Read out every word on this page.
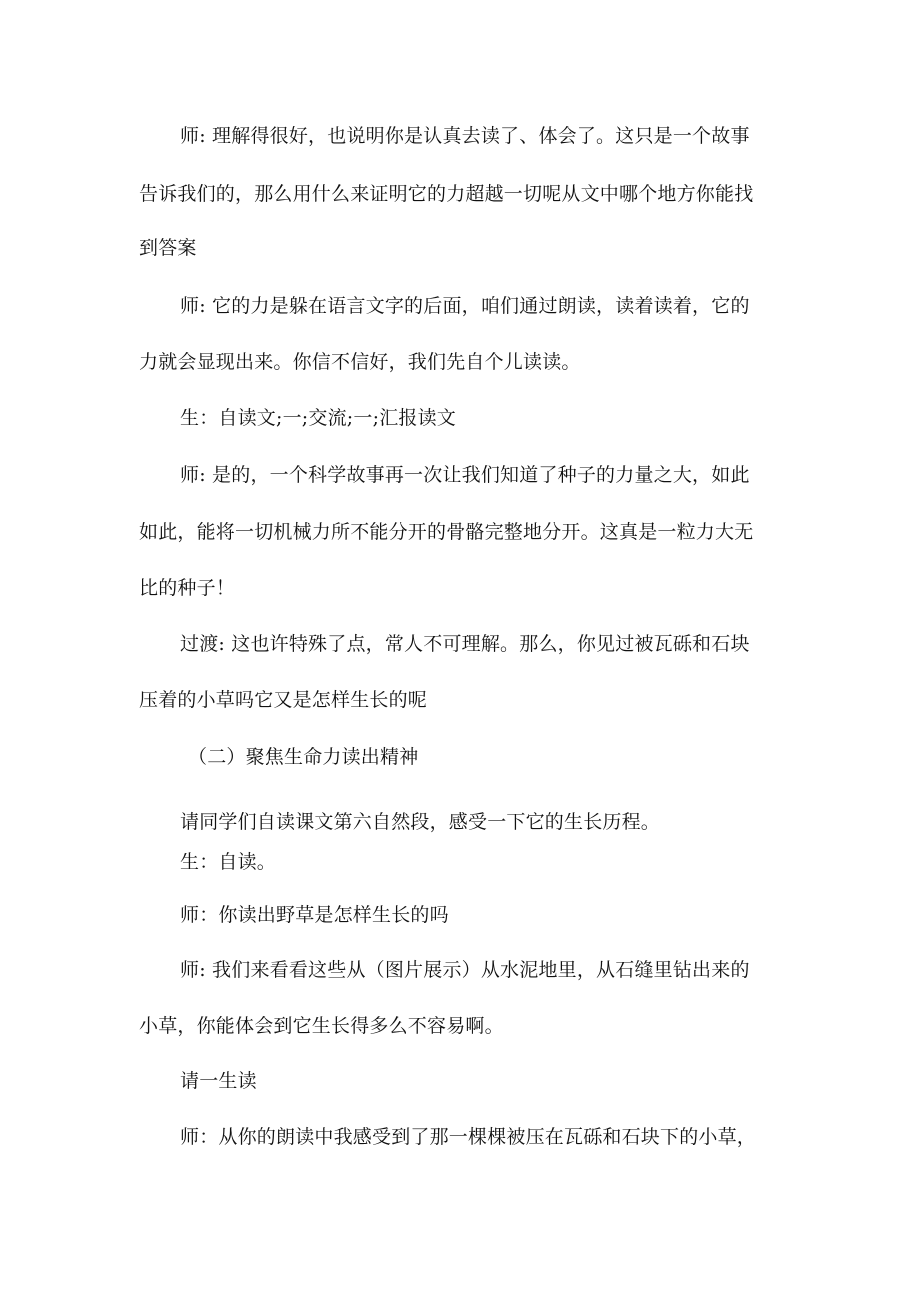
师: 理解得很好，也说明你是认真去读了、体会了。这只是一个故事
告诉我们的，那么用什么来证明它的力超越一切呢从文中哪个地方你能找
到答案
师: 它的力是躲在语言文字的后面，咱们通过朗读，读着读着，它的
力就会显现出来。你信不信好，我们先自个儿读读。
生：自读文;一;交流;一;汇报读文
师: 是的，一个科学故事再一次让我们知道了种子的力量之大，如此
如此，能将一切机械力所不能分开的骨骼完整地分开。这真是一粒力大无
比的种子！
过渡: 这也许特殊了点，常人不可理解。那么，你见过被瓦砾和石块
压着的小草吗它又是怎样生长的呢
（二）聚焦生命力读出精神
请同学们自读课文第六自然段，感受一下它的生长历程。
生：自读。
师：你读出野草是怎样生长的吗
师: 我们来看看这些从（图片展示）从水泥地里，从石缝里钻出来的
小草，你能体会到它生长得多么不容易啊。
请一生读
师：从你的朗读中我感受到了那一棵棵被压在瓦砾和石块下的小草，
